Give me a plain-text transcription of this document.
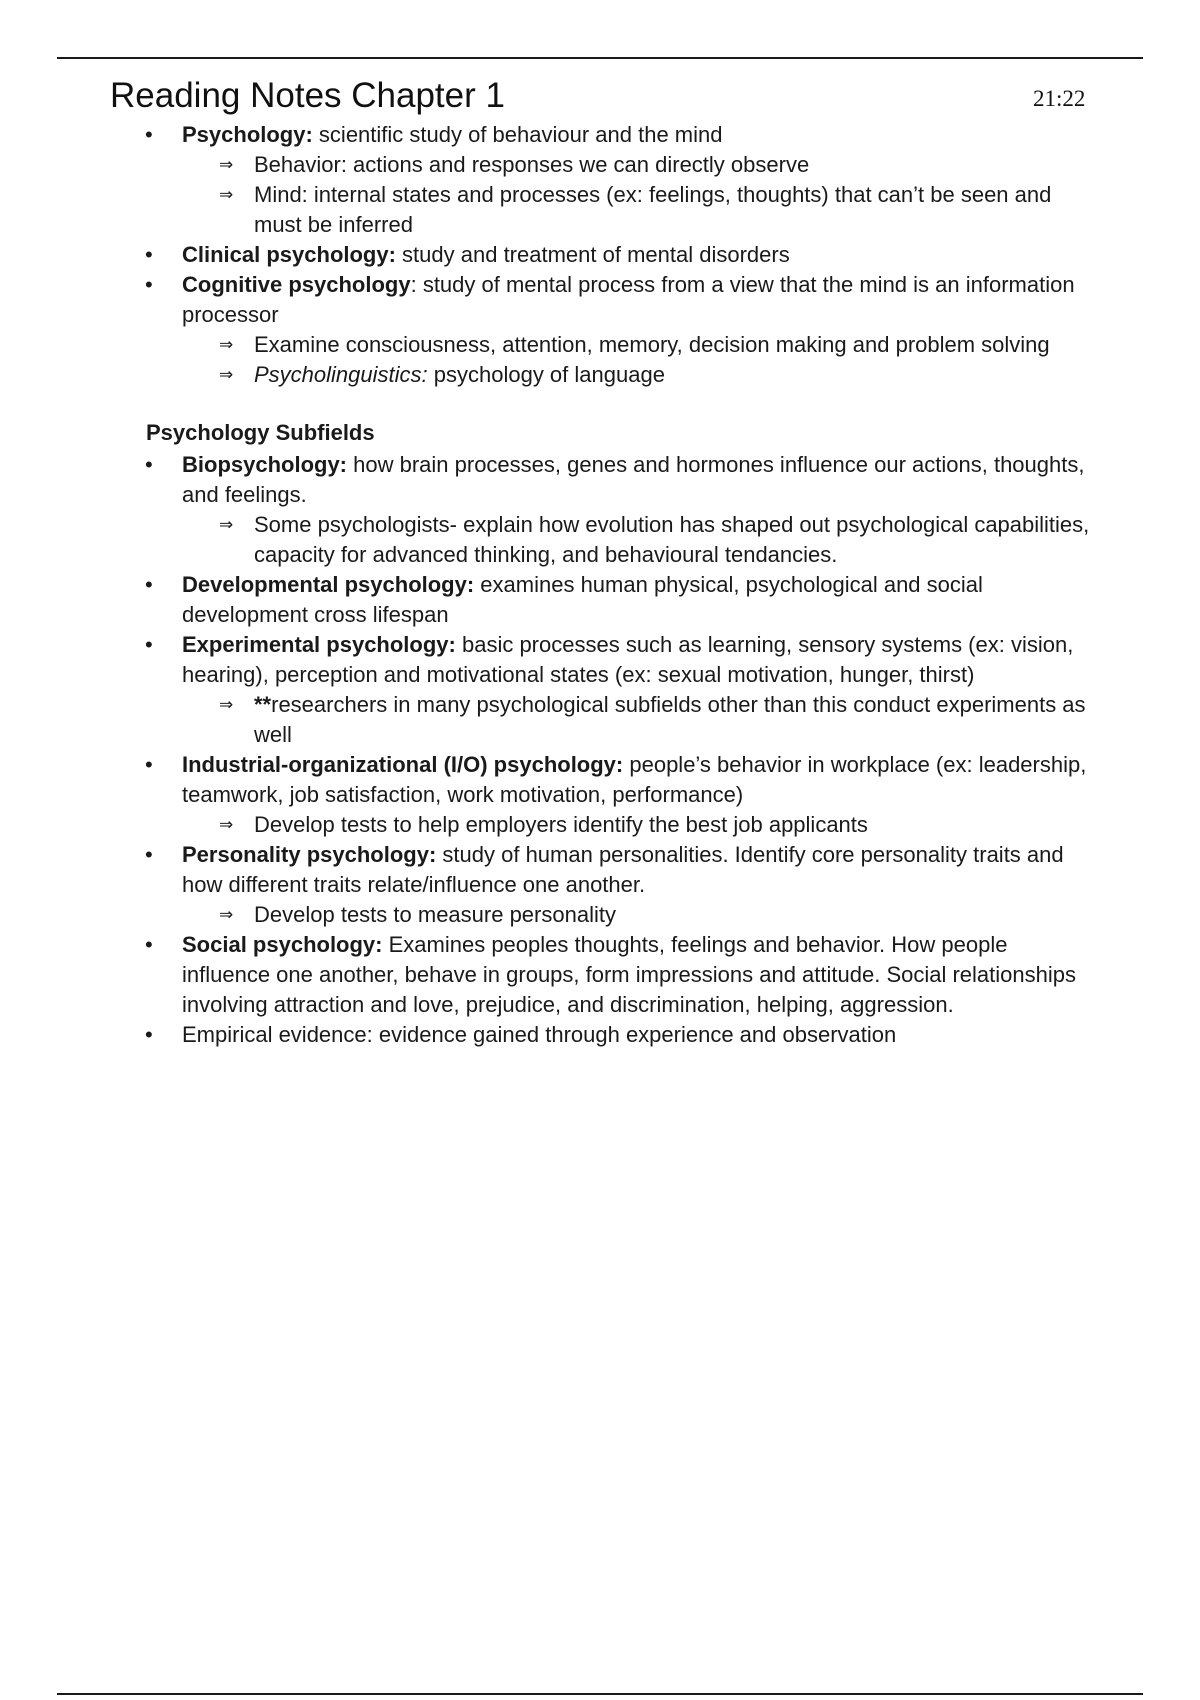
Reading Notes Chapter 1	21:22
• Psychology: scientific study of behaviour and the mind
⇒ Behavior: actions and responses we can directly observe
⇒ Mind: internal states and processes (ex: feelings, thoughts) that can’t be seen and must be inferred
• Clinical psychology: study and treatment of mental disorders
• Cognitive psychology: study of mental process from a view that the mind is an information processor
⇒ Examine consciousness, attention, memory, decision making and problem solving
⇒ Psycholinguistics: psychology of language
Psychology Subfields
• Biopsychology: how brain processes, genes and hormones influence our actions, thoughts, and feelings.
⇒ Some psychologists- explain how evolution has shaped out psychological capabilities, capacity for advanced thinking, and behavioural tendancies.
• Developmental psychology: examines human physical, psychological and social development cross lifespan
• Experimental psychology: basic processes such as learning, sensory systems (ex: vision, hearing), perception and motivational states (ex: sexual motivation, hunger, thirst)
⇒ **researchers in many psychological subfields other than this conduct experiments as well
• Industrial-organizational (I/O) psychology: people’s behavior in workplace (ex: leadership, teamwork, job satisfaction, work motivation, performance)
⇒ Develop tests to help employers identify the best job applicants
• Personality psychology: study of human personalities. Identify core personality traits and how different traits relate/influence one another.
⇒ Develop tests to measure personality
• Social psychology: Examines peoples thoughts, feelings and behavior. How people influence one another, behave in groups, form impressions and attitude. Social relationships involving attraction and love, prejudice, and discrimination, helping, aggression.
• Empirical evidence: evidence gained through experience and observation
